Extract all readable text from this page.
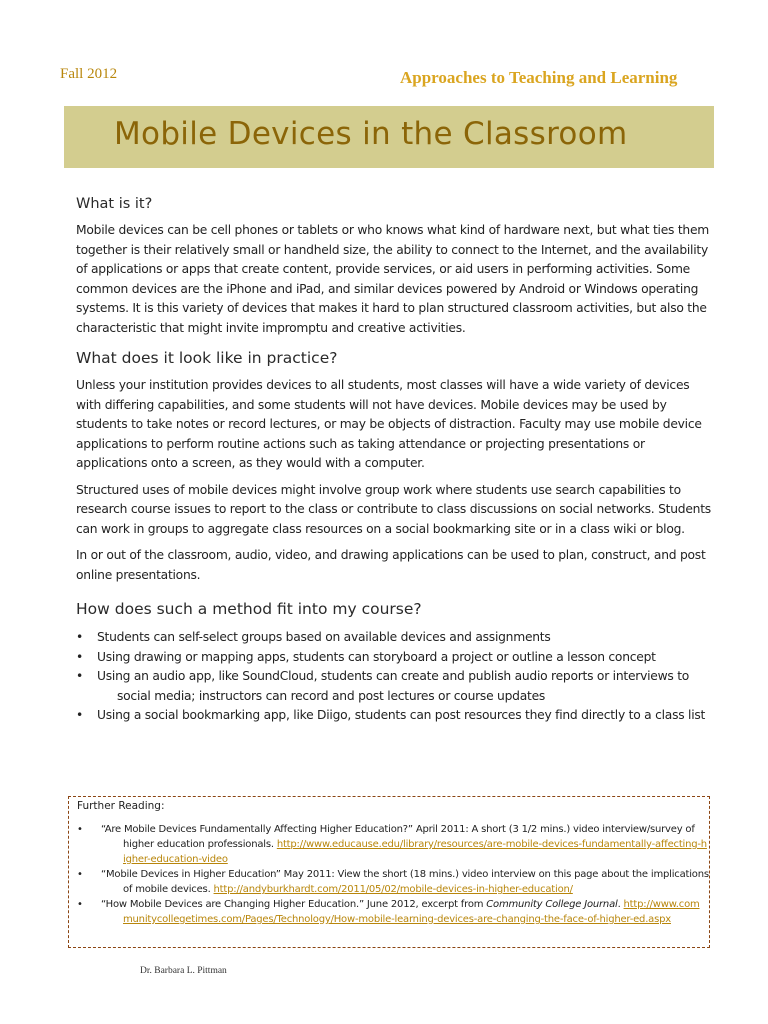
Fall 2012	Approaches to Teaching and Learning
Mobile Devices in the Classroom
What is it?

Mobile devices can be cell phones or tablets or who knows what kind of hardware next, but what ties them together is their relatively small or handheld size, the ability to connect to the Internet, and the availability of applications or apps that create content, provide services, or aid users in performing activities. Some common devices are the iPhone and iPad, and similar devices powered by Android or Windows operating systems. It is this variety of devices that makes it hard to plan structured classroom activities, but also the characteristic that might invite impromptu and creative activities.

What does it look like in practice?

Unless your institution provides devices to all students, most classes will have a wide variety of devices with differing capabilities, and some students will not have devices. Mobile devices may be used by students to take notes or record lectures, or may be objects of distraction. Faculty may use mobile device applications to perform routine actions such as taking attendance or projecting presentations or applications onto a screen, as they would with a computer.

Structured uses of mobile devices might involve group work where students use search capabilities to research course issues to report to the class or contribute to class discussions on social networks. Students can work in groups to aggregate class resources on a social bookmarking site or in a class wiki or blog.

In or out of the classroom, audio, video, and drawing applications can be used to plan, construct, and post online presentations.

How does such a method fit into my course?
• Students can self-select groups based on available devices and assignments
• Using drawing or mapping apps, students can storyboard a project or outline a lesson concept
• Using an audio app, like SoundCloud, students can create and publish audio reports or interviews to social media; instructors can record and post lectures or course updates
• Using a social bookmarking app, like Diigo, students can post resources they find directly to a class list
Further Reading:
• “Are Mobile Devices Fundamentally Affecting Higher Education?” April 2011: A short (3 1/2 mins.) video interview/survey of higher education professionals. http://www.educause.edu/library/resources/are-mobile-devices-fundamentally-affecting-higher-education-video
• “Mobile Devices in Higher Education” May 2011: View the short (18 mins.) video interview on this page about the implications of mobile devices. http://andyburkhardt.com/2011/05/02/mobile-devices-in-higher-education/
• “How Mobile Devices are Changing Higher Education.” June 2012, excerpt from Community College Journal. http://www.communitycollegetimes.com/Pages/Technology/How-mobile-learning-devices-are-changing-the-face-of-higher-ed.aspx
Dr. Barbara L. Pittman
